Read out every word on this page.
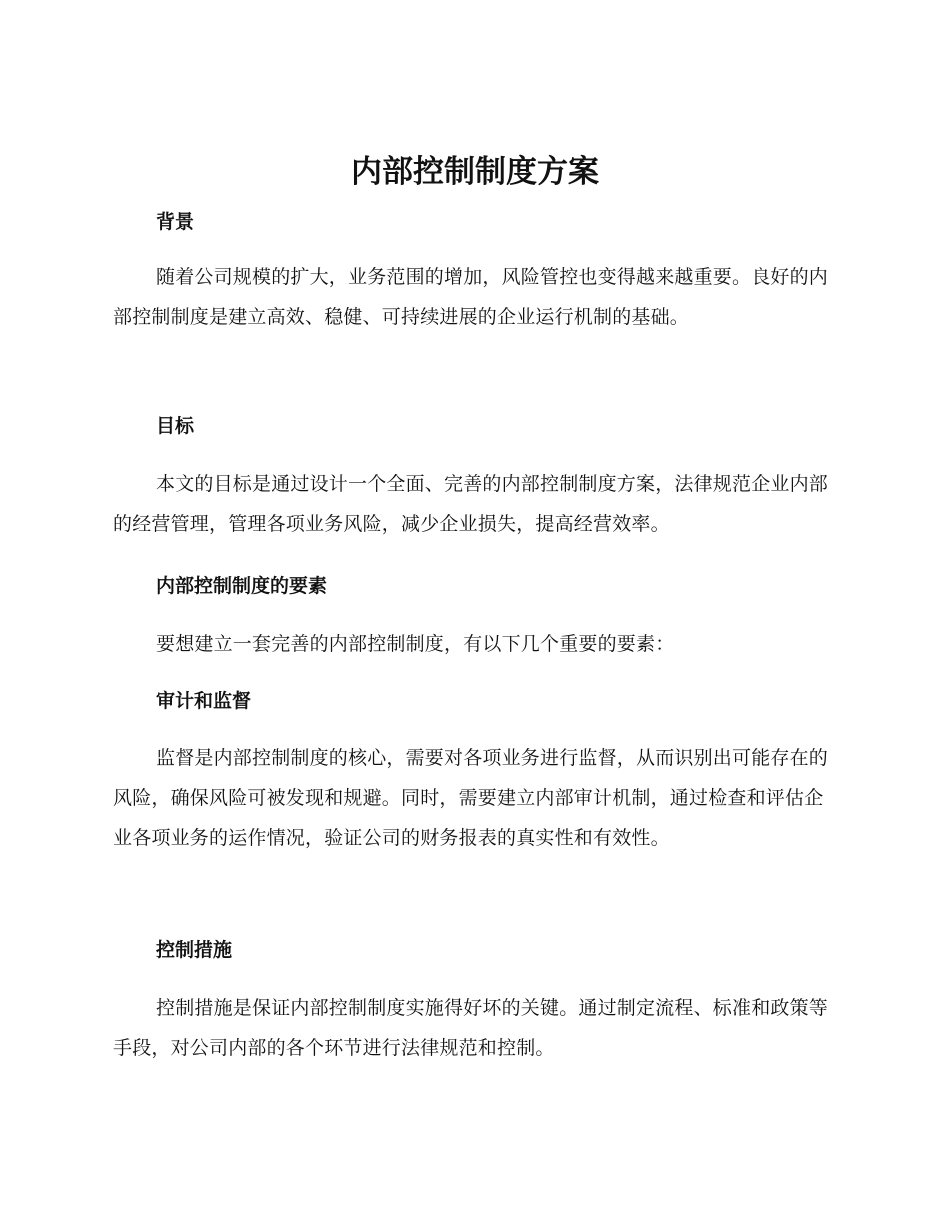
内部控制制度方案
背景

随着公司规模的扩大，业务范围的增加，风险管控也变得越来越重要。良好的内部控制制度是建立高效、稳健、可持续进展的企业运行机制的基础。

目标

本文的目标是通过设计一个全面、完善的内部控制制度方案，法律规范企业内部的经营管理，管理各项业务风险，减少企业损失，提高经营效率。

内部控制制度的要素

要想建立一套完善的内部控制制度，有以下几个重要的要素：

审计和监督

监督是内部控制制度的核心，需要对各项业务进行监督，从而识别出可能存在的风险，确保风险可被发现和规避。同时，需要建立内部审计机制，通过检查和评估企业各项业务的运作情况，验证公司的财务报表的真实性和有效性。

控制措施

控制措施是保证内部控制制度实施得好坏的关键。通过制定流程、标准和政策等手段，对公司内部的各个环节进行法律规范和控制。
